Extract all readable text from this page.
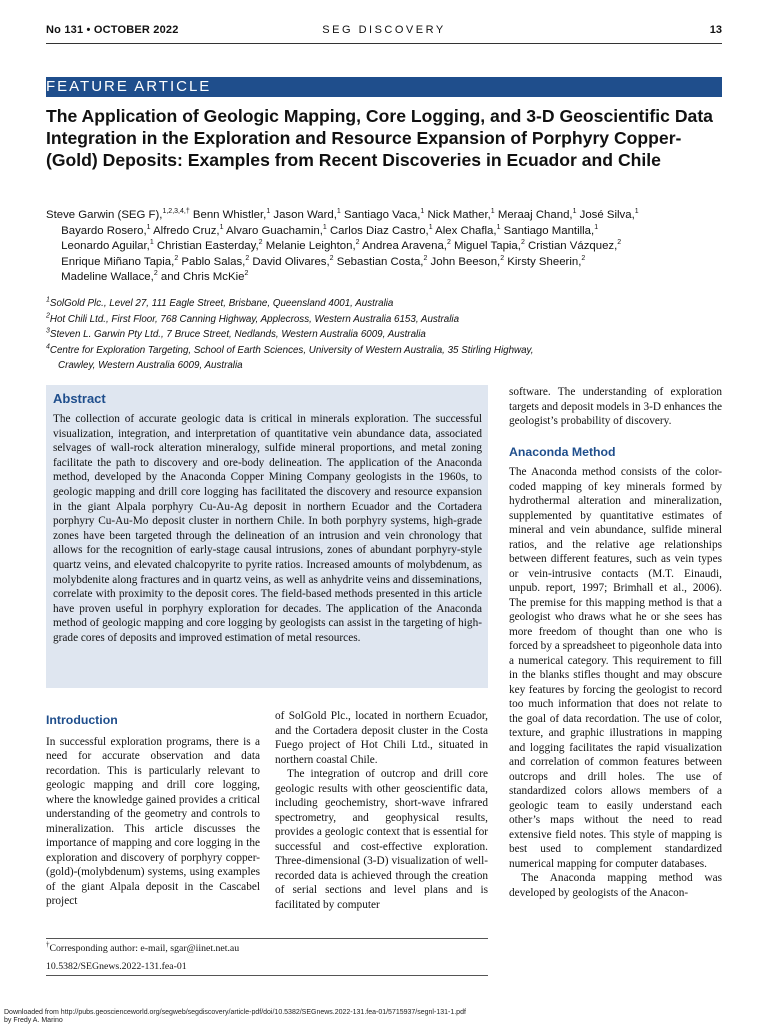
No 131 • OCTOBER 2022	SEG DISCOVERY	13
FEATURE ARTICLE
The Application of Geologic Mapping, Core Logging, and 3-D Geoscientific Data Integration in the Exploration and Resource Expansion of Porphyry Copper-(Gold) Deposits: Examples from Recent Discoveries in Ecuador and Chile
Steve Garwin (SEG F),$^{1,2,3,4,\dagger}$ Benn Whistler,$^1$ Jason Ward,$^1$ Santiago Vaca,$^1$ Nick Mather,$^1$ Meraaj Chand,$^1$ José Silva,$^1$
Bayardo Rosero,$^1$ Alfredo Cruz,$^1$ Alvaro Guachamin,$^1$ Carlos Diaz Castro,$^1$ Alex Chafla,$^1$ Santiago Mantilla,$^1$
Leonardo Aguilar,$^1$ Christian Easterday,$^2$ Melanie Leighton,$^2$ Andrea Aravena,$^2$ Miguel Tapia,$^2$ Cristian Vázquez,$^2$
Enrique Miñano Tapia,$^2$ Pablo Salas,$^2$ David Olivares,$^2$ Sebastian Costa,$^2$ John Beeson,$^2$ Kirsty Sheerin,$^2$
Madeline Wallace,$^2$ and Chris McKie$^2$
$^1$SolGold Plc., Level 27, 111 Eagle Street, Brisbane, Queensland 4001, Australia
$^2$Hot Chili Ltd., First Floor, 768 Canning Highway, Applecross, Western Australia 6153, Australia
$^3$Steven L. Garwin Pty Ltd., 7 Bruce Street, Nedlands, Western Australia 6009, Australia
$^4$Centre for Exploration Targeting, School of Earth Sciences, University of Western Australia, 35 Stirling Highway,
Crawley, Western Australia 6009, Australia
Abstract

The collection of accurate geologic data is critical in minerals exploration. The successful visualization, integration, and interpretation of quantitative vein abundance data, associated selvages of wall-rock alteration mineralogy, sulfide mineral proportions, and metal zoning facilitate the path to discovery and ore-body delineation. The application of the Anaconda method, developed by the Anaconda Copper Mining Company geologists in the 1960s, to geologic mapping and drill core logging has facilitated the discovery and resource expansion in the giant Alpala porphyry Cu-Au-Ag deposit in northern Ecuador and the Cortadera porphyry Cu-Au-Mo deposit cluster in northern Chile. In both porphyry systems, high-grade zones have been targeted through the delineation of an intrusion and vein chronology that allows for the recognition of early-stage causal intrusions, zones of abundant porphyry-style quartz veins, and elevated chalcopyrite to pyrite ratios. Increased amounts of molybdenum, as molybdenite along fractures and in quartz veins, as well as anhydrite veins and disseminations, correlate with proximity to the deposit cores. The field-based methods presented in this article have proven useful in porphyry exploration for decades. The application of the Anaconda method of geologic mapping and core logging by geologists can assist in the targeting of high-grade cores of deposits and improved estimation of metal resources.

Introduction

In successful exploration programs, there is a need for accurate observation and data recordation. This is particularly relevant to geologic mapping and drill core logging, where the knowledge gained provides a critical understanding of the geometry and controls to mineralization. This article discusses the importance of mapping and core logging in the exploration and discovery of porphyry copper-(gold)-(molybdenum) systems, using examples of the giant Alpala deposit in the Cascabel project

of SolGold Plc., located in northern Ecuador, and the Cortadera deposit cluster in the Costa Fuego project of Hot Chili Ltd., situated in northern coastal Chile.

The integration of outcrop and drill core geologic results with other geoscientific data, including geochemistry, short-wave infrared spectrometry, and geophysical results, provides a geologic context that is essential for successful and cost-effective exploration. Three-dimensional (3-D) visualization of well-recorded data is achieved through the creation of serial sections and level plans and is facilitated by computer

software. The understanding of exploration targets and deposit models in 3-D enhances the geologist’s probability of discovery.

Anaconda Method

The Anaconda method consists of the color-coded mapping of key minerals formed by hydrothermal alteration and mineralization, supplemented by quantitative estimates of mineral and vein abundance, sulfide mineral ratios, and the relative age relationships between different features, such as vein types or vein-intrusive contacts (M.T. Einaudi, unpub. report, 1997; Brimhall et al., 2006). The premise for this mapping method is that a geologist who draws what he or she sees has more freedom of thought than one who is forced by a spreadsheet to pigeonhole data into a numerical category. This requirement to fill in the blanks stifles thought and may obscure key features by forcing the geologist to record too much information that does not relate to the goal of data recordation. The use of color, texture, and graphic illustrations in mapping and logging facilitates the rapid visualization and correlation of common features between outcrops and drill holes. The use of standardized colors allows members of a geologic team to easily understand each other’s maps without the need to read extensive field notes. This style of mapping is best used to complement standardized numerical mapping for computer databases.

The Anaconda mapping method was developed by geologists of the Anacon-

†Corresponding author: e-mail, sgar@iinet.net.au
10.5382/SEGnews.2022-131.fea-01
Downloaded from http://pubs.geoscienceworld.org/segweb/segdiscovery/article-pdf/doi/10.5382/SEGnews.2022-131.fea-01/5715937/segnl-131-1.pdf
by Fredy A. Marino
